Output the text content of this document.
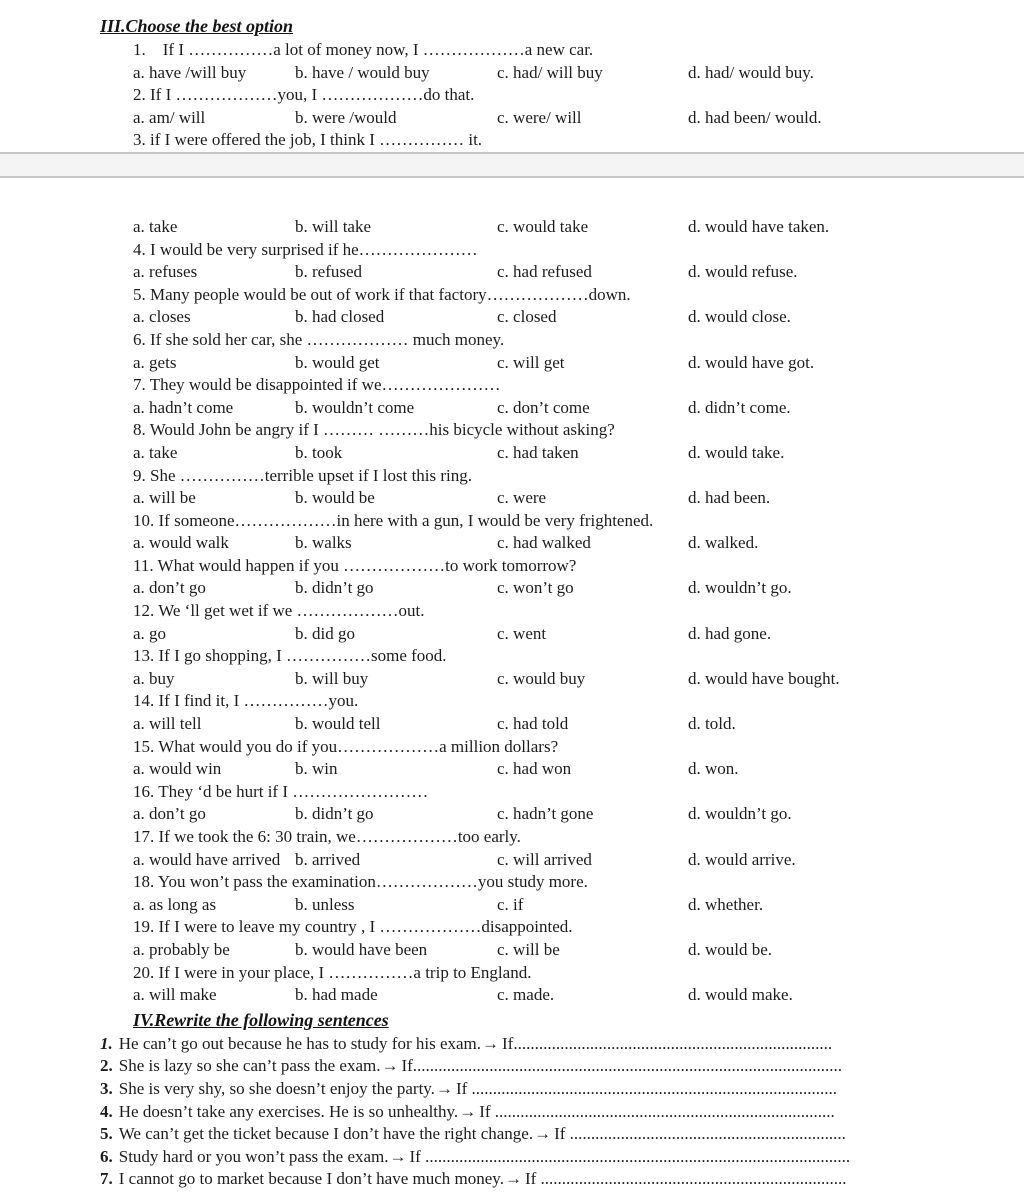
III.Choose the best option
1.    If I ……………a lot of money now, I ………………a new car.
a. have /will buy	b. have / would buy	c. had/ will buy	d. had/ would buy.
2. If I ………………you, I ………………do that.
a. am/ will	b. were /would	c. were/ will	d. had been/ would.
3. if I were offered the job, I think I …………… it.
a. take	b. will take	c. would take	d. would have taken.
4. I would be very surprised if he…………………
a. refuses	b. refused	c. had refused	d. would refuse.
5. Many people would be out of work if that factory………………down.
a. closes	b. had closed	c. closed	d. would close.
6. If she sold her car, she ……………… much money.
a. gets	b. would get	c. will get	d. would have got.
7. They would be disappointed if we…………………
a. hadn’t come	b. wouldn’t come	c. don’t come	d. didn’t come.
8. Would John be angry if I ……… ………his bicycle without asking?
a. take	b. took	c. had taken	d. would take.
9. She ……………terrible upset if I lost this ring.
a. will be	b. would be	c. were	d. had been.
10. If someone………………in here with a gun, I would be very frightened.
a. would walk	b. walks	c. had walked	d. walked.
11. What would happen if you ………………to work tomorrow?
a. don’t go	b. didn’t go	c. won’t go	d. wouldn’t go.
12. We ‘ll get wet if we ………………out.
a. go	b. did go	c. went	d. had gone.
13. If I go shopping, I ……………some food.
a. buy	b. will buy	c. would buy	d. would have bought.
14. If I find it, I ……………you.
a. will tell	b. would tell	c. had told	d. told.
15. What would you do if you………………a million dollars?
a. would win	b. win	c. had won	d. won.
16. They ‘d be hurt if I ……………………
a. don’t go	b. didn’t go	c. hadn’t gone	d. wouldn’t go.
17. If we took the 6: 30 train, we………………too early.
a. would have arrived b. arrived	c. will arrived	d. would arrive.
18. You won’t pass the examination………………you study more.
a. as long as	b. unless	c. if	d. whether.
19. If I were to leave my country , I ………………disappointed.
a. probably be	b. would have been	c. will be	d. would be.
20. If I were in your place, I ……………a trip to England.
a. will make	b. had made	c. made.	d. would make.
IV.Rewrite the following sentences
1. He can’t go out because he has to study for his exam.→ If...........................................................................
2. She is lazy so she can’t pass the exam.→ If.....................................................................................................
3. She is very shy, so she doesn’t enjoy the party.→ If ......................................................................................
4. He doesn’t take any exercises. He is so unhealthy.→ If ................................................................................
5. We can’t get the ticket because I don’t have the right change.→ If .................................................................
6. Study hard or you won’t pass the exam.→ If ....................................................................................................
7. I cannot go to market because I don’t have much money.→ If ........................................................................
